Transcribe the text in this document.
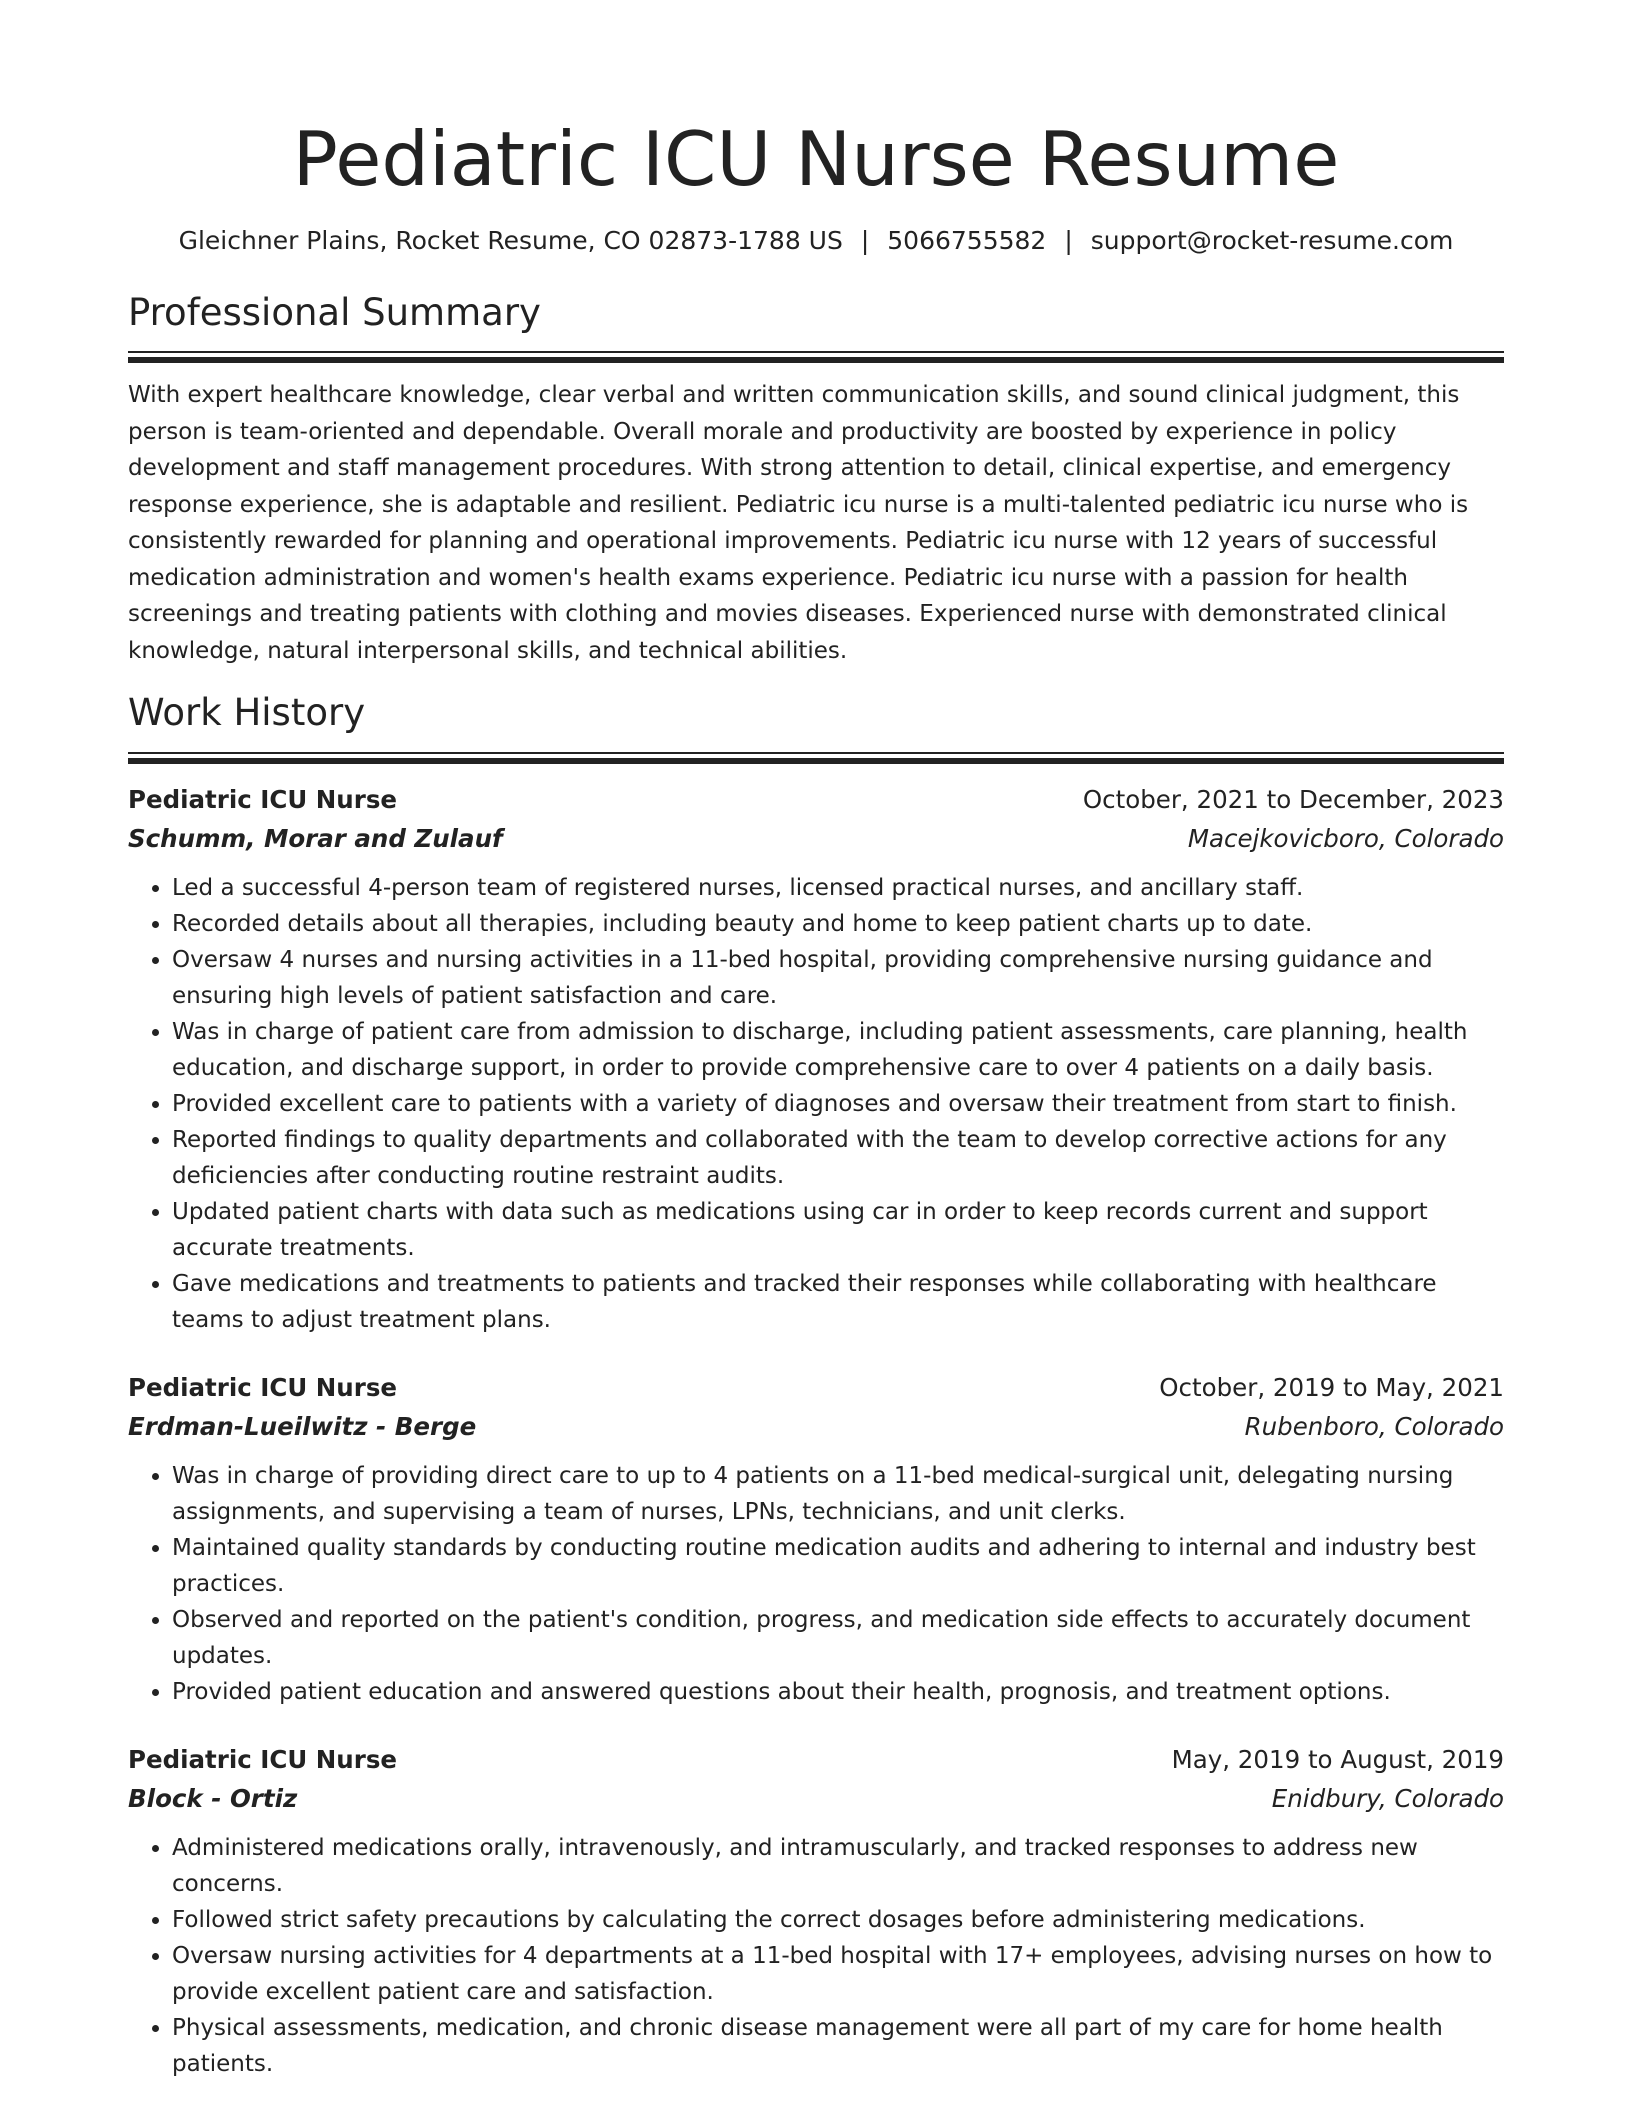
Pediatric ICU Nurse Resume
Gleichner Plains, Rocket Resume, CO 02873-1788 US | 5066755582 | support@rocket-resume.com
Professional Summary

With expert healthcare knowledge, clear verbal and written communication skills, and sound clinical judgment, this person is team-oriented and dependable. Overall morale and productivity are boosted by experience in policy development and staff management procedures. With strong attention to detail, clinical expertise, and emergency response experience, she is adaptable and resilient. Pediatric icu nurse is a multi-talented pediatric icu nurse who is consistently rewarded for planning and operational improvements. Pediatric icu nurse with 12 years of successful medication administration and women's health exams experience. Pediatric icu nurse with a passion for health screenings and treating patients with clothing and movies diseases. Experienced nurse with demonstrated clinical knowledge, natural interpersonal skills, and technical abilities.

Work History
Pediatric ICU Nurse	October, 2021 to December, 2023
Schumm, Morar and Zulauf	Macejkovicboro, Colorado
• Led a successful 4-person team of registered nurses, licensed practical nurses, and ancillary staff.
• Recorded details about all therapies, including beauty and home to keep patient charts up to date.
• Oversaw 4 nurses and nursing activities in a 11-bed hospital, providing comprehensive nursing guidance and ensuring high levels of patient satisfaction and care.
• Was in charge of patient care from admission to discharge, including patient assessments, care planning, health education, and discharge support, in order to provide comprehensive care to over 4 patients on a daily basis.
• Provided excellent care to patients with a variety of diagnoses and oversaw their treatment from start to finish.
• Reported findings to quality departments and collaborated with the team to develop corrective actions for any deficiencies after conducting routine restraint audits.
• Updated patient charts with data such as medications using car in order to keep records current and support accurate treatments.
• Gave medications and treatments to patients and tracked their responses while collaborating with healthcare teams to adjust treatment plans.
Pediatric ICU Nurse	October, 2019 to May, 2021
Erdman-Lueilwitz - Berge	Rubenboro, Colorado
• Was in charge of providing direct care to up to 4 patients on a 11-bed medical-surgical unit, delegating nursing assignments, and supervising a team of nurses, LPNs, technicians, and unit clerks.
• Maintained quality standards by conducting routine medication audits and adhering to internal and industry best practices.
• Observed and reported on the patient's condition, progress, and medication side effects to accurately document updates.
• Provided patient education and answered questions about their health, prognosis, and treatment options.
Pediatric ICU Nurse	May, 2019 to August, 2019
Block - Ortiz	Enidbury, Colorado
• Administered medications orally, intravenously, and intramuscularly, and tracked responses to address new concerns.
• Followed strict safety precautions by calculating the correct dosages before administering medications.
• Oversaw nursing activities for 4 departments at a 11-bed hospital with 17+ employees, advising nurses on how to provide excellent patient care and satisfaction.
• Physical assessments, medication, and chronic disease management were all part of my care for home health patients.
